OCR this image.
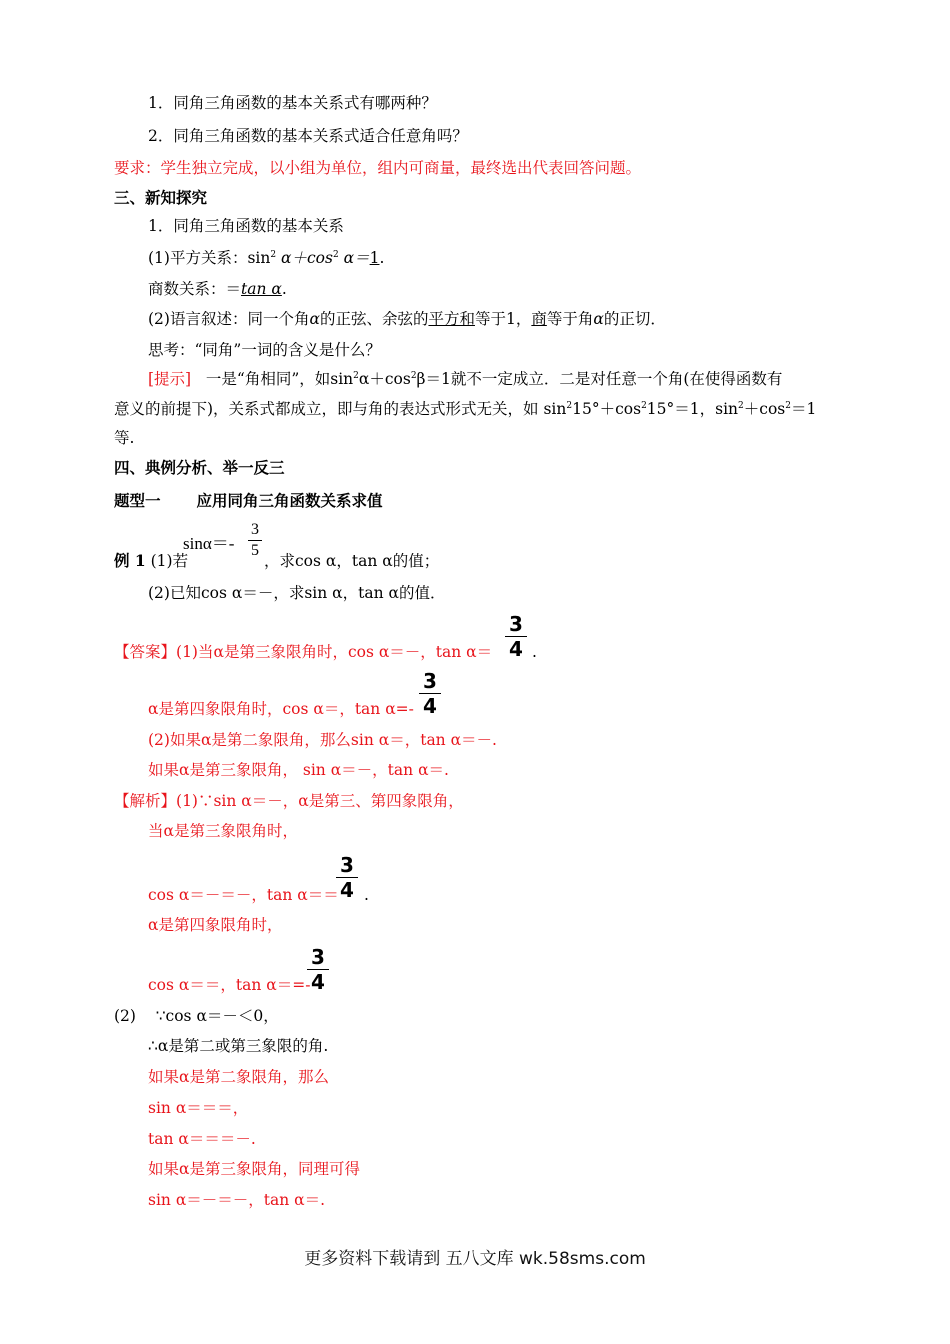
1．同角三角函数的基本关系式有哪两种？
2．同角三角函数的基本关系式适合任意角吗？
要求：学生独立完成，以小组为单位，组内可商量，最终选出代表回答问题。
三、新知探究
1．同角三角函数的基本关系
(1)平方关系：$\sin^2 \alpha+\cos^2$ α＝1.
商数关系：＝tan α.
(2)语言叙述：同一个角α的正弦、余弦的平方和等于1，商等于角α的正切．
思考：“同角”一词的含义是什么？
[提示] 一是“角相同”，如$\sin^2\alpha+\cos^2\beta=1$就不一定成立．二是对任意一个角(在使得函数有
意义的前提下)，关系式都成立，即与角的表达式形式无关，如 $\sin^215^\circ+\cos^215^\circ=1$，$\sin^2+\cos^2=1$
等.
四、典例分析、举一反三
题型一 应用同角三角函数关系求值
sinα＝-
3
5
例 1 (1)若	，求cos α，tan α的值；
(2)已知cos α＝－，求sin α，tan α的值．
【答案】(1)当α是第三象限角时，cos α＝－，tan α＝
3
4 .
α是第四象限角时，cos α＝，tan α=-
3
4
(2)如果α是第二象限角，那么sin α＝，tan α＝－.
如果α是第三象限角， sin α＝－，tan α＝.
【解析】(1)∵sin α＝－，α是第三、第四象限角，
当α是第三象限角时，
cos α＝－＝－，tan α＝＝
3
4 .
α是第四象限角时，
cos α＝＝，tan α＝=-
3
4
(2) ∵cos α＝－＜0，
∴α是第二或第三象限的角.
如果α是第二象限角，那么
sin α＝＝＝，
tan α＝＝＝－.
如果α是第三象限角，同理可得
sin α＝－＝－，tan α＝.
更多资料下载请到 五八文库 wk.58sms.com
